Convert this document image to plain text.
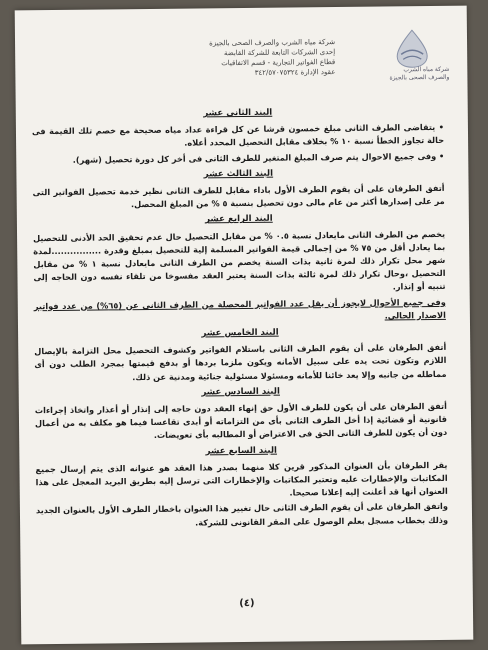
شركة مياه الشرب
والصرف الصحى بالجيزة
شركة مياه الشرب والصرف الصحى بالجيزة
إحدى الشركات التابعة للشركة القابضة
قطاع الفواتير التجارية - قسم الاتفاقيات
عقود الإدارة ٣٤٢/٥٧٠٧٥٣٢٤
البند الثانى عشر

• يتقاضى الطرف الثانى مبلغ خمسون قرشا عن كل قراءة عداد مياه صحيحة مع خصم تلك القيمة فى حالة تجاوز الخطأ نسبة ١٠ % بخلاف مقابل التحصيل المحدد أعلاه.

• وفى جميع الاحوال يتم صرف المبلغ المتغير للطرف الثانى فى أخر كل دورة تحصيل (شهر).

البند الثالث عشر

أتفق الطرفان على أن يقوم الطرف الأول باداء مقابل للطرف الثانى نظير خدمة تحصيل الفواتير التى مر على إصدارها أكثر من عام مالى دون تحصيل بنسبة ٥ % من المبلغ المحصل.

البند الرابع عشر

يخصم من الطرف الثانى مايعادل نسبة ٠.٥ % من مقابل التحصيل حال عدم تحقيق الحد الأدنى للتحصيل بما يعادل أقل من ٧٥ % من إجمالى قيمة الفواتير المسلمة إلية للتحصيل بمبلغ وقدرة ................لمدة شهر محل تكرار ذلك لمرة ثانية بذات السنة يخصم من الطرف الثانى مايعادل نسبة ١ % من مقابل التحصيل ،وحال تكرار ذلك لمرة ثالثة بذات السنة يعتبر العقد مفسوخا من تلقاء نفسه دون الحاجه إلى تنبيه أو إنذار.

وفى جميع الأحوال لايجوز أن يقل عدد الفواتير المحصلة من الطرف الثانى عن (٦٥%) من عدد فواتير الاصدار الحالى.

البند الخامس عشر

أتفق الطرفان على أن يقوم الطرف الثانى باستلام الفواتير وكشوف التحصيل محل التزامة بالإيصال اللازم وتكون تحت يده على سبيل الأمانه ويكون ملزما بردها أو بدفع قيمتها بمجرد الطلب دون أى مماطله من جانبه وإلا يعد خائنا للأمانه ومسئولا مسئولية جنائية ومدنية عن ذلك.

البند السادس عشر

أتفق الطرفان على أن يكون للطرف الأول حق إنهاء العقد دون حاجه إلى إنذار أو أعذار واتخاذ إجراءات قانونية أو قضائية إذا أخل الطرف الثانى بأى من التزاماته أو أبدى تقاعسا فيما هو مكلف به من أعمال دون أن يكون للطرف الثانى الحق فى الاعتراض أو المطالبه بأى تعويضات.

البند السابع عشر

يقر الطرفان بأن العنوان المذكور قرين كلا منهما بصدر هذا العقد هو عنوانه الذى يتم إرسال جميع المكاتبات والإخطارات عليه وتعتبر المكاتبات والإخطارات التى ترسل إليه بطريق البريد المعجل على هذا العنوان أنها قد أعلنت إليه إعلانا صحيحا.

واتفق الطرفان على أن يقوم الطرف الثانى حال تغيير هذا العنوان باخطار الطرف الأول بالعنوان الجديد وذلك بخطاب مسجل بعلم الوصول على المقر القانونى للشركة.

(٤)
